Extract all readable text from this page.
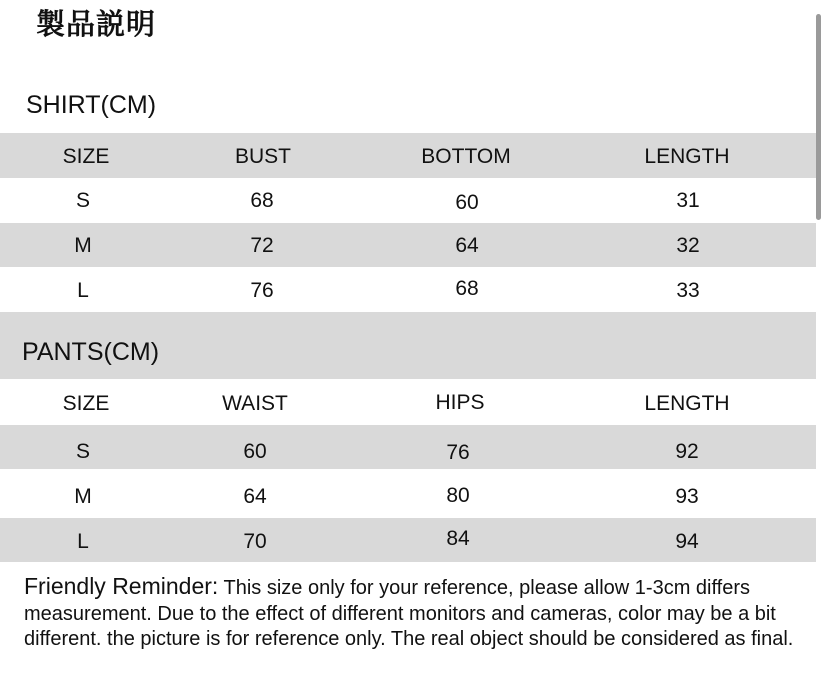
製品説明
SHIRT(CM)
SIZE	BUST	BOTTOM	LENGTH
S	68	60	31
M	72	64	32
L	76	68	33
PANTS(CM)
SIZE	WAIST	HIPS	LENGTH
S	60	76	92
M	64	80	93
L	70	84	94
Friendly Reminder: This size only for your reference, please allow 1-3cm differs measurement. Due to the effect of different monitors and cameras, color may be a bit different. the picture is for reference only. The real object should be considered as final.
